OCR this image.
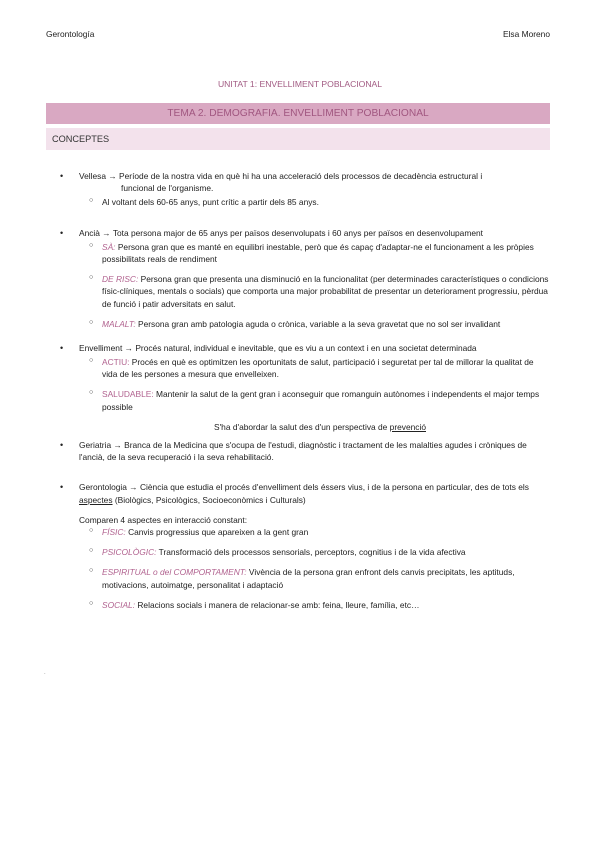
Gerontología	Elsa Moreno
UNITAT 1: ENVELLIMENT POBLACIONAL
TEMA 2. DEMOGRAFIA. ENVELLIMENT POBLACIONAL
CONCEPTES
• Vellesa → Període de la nostra vida en què hi ha una acceleració dels processos de decadència estructural i
funcional de l'organisme.
○ Al voltant dels 60-65 anys, punt crític a partir dels 85 anys.
• Ancià → Tota persona major de 65 anys per països desenvolupats i 60 anys per països en desenvolupament
○ SÀ: Persona gran que es manté en equilibri inestable, però que és capaç d'adaptar-ne el funcionament a les pròpies possibilitats reals de rendiment
○ DE RISC: Persona gran que presenta una disminució en la funcionalitat (per determinades característiques o condicions físic-clíniques, mentals o socials) que comporta una major probabilitat de presentar un deteriorament progressiu, pèrdua de funció i patir adversitats en salut.
○ MALALT: Persona gran amb patologia aguda o crònica, variable a la seva gravetat que no sol ser invalidant
• Envelliment → Procés natural, individual e inevitable, que es viu a un context i en una societat determinada
○ ACTIU: Procés en què es optimitzen les oportunitats de salut, participació i seguretat per tal de millorar la qualitat de vida de les persones a mesura que envelleixen.
○ SALUDABLE: Mantenir la salut de la gent gran i aconseguir que romanguin autònomes i independents el major temps possible
S'ha d'abordar la salut des d'un perspectiva de prevenció
• Geriatria → Branca de la Medicina que s'ocupa de l'estudi, diagnòstic i tractament de les malalties agudes i cròniques de l'ancià, de la seva recuperació i la seva rehabilitació.
• Gerontologia → Ciència que estudia el procés d'envelliment dels éssers vius, i de la persona en particular, des de tots els aspectes (Biològics, Psicològics, Socioeconòmics i Culturals)
Comparen 4 aspectes en interacció constant:
○ FÍSIC: Canvis progressius que apareixen a la gent gran
○ PSICOLÒGIC: Transformació dels processos sensorials, perceptors, cognitius i de la vida afectiva
○ ESPIRITUAL o del COMPORTAMENT: Vivència de la persona gran enfront dels canvis precipitats, les aptituds, motivacions, autoimatge, personalitat i adaptació
○ SOCIAL: Relacions socials i manera de relacionar-se amb: feina, lleure, família, etc…
.
